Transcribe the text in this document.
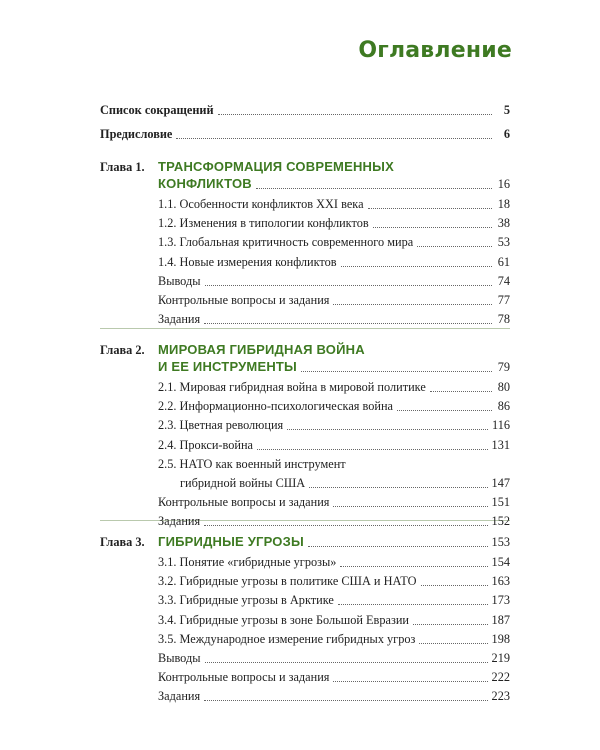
Оглавление
Список сокращений	5
Предисловие	6
Глава 1. ТРАНСФОРМАЦИЯ СОВРЕМЕННЫХ
КОНФЛИКТОВ	16
1.1. Особенности конфликтов XXI века	18
1.2. Изменения в типологии конфликтов	38
1.3. Глобальная критичность современного мира	53
1.4. Новые измерения конфликтов	61
Выводы	74
Контрольные вопросы и задания	77
Задания	78
Глава 2. МИРОВАЯ ГИБРИДНАЯ ВОЙНА
И ЕЕ ИНСТРУМЕНТЫ	79
2.1. Мировая гибридная война в мировой политике	80
2.2. Информационно-психологическая война	86
2.3. Цветная революция	116
2.4. Прокси-война	131
2.5. НАТО как военный инструмент
гибридной войны США	147
Контрольные вопросы и задания	151
Задания	152
Глава 3. ГИБРИДНЫЕ УГРОЗЫ	153
3.1. Понятие «гибридные угрозы»	154
3.2. Гибридные угрозы в политике США и НАТО	163
3.3. Гибридные угрозы в Арктике	173
3.4. Гибридные угрозы в зоне Большой Евразии	187
3.5. Международное измерение гибридных угроз	198
Выводы	219
Контрольные вопросы и задания	222
Задания	223
